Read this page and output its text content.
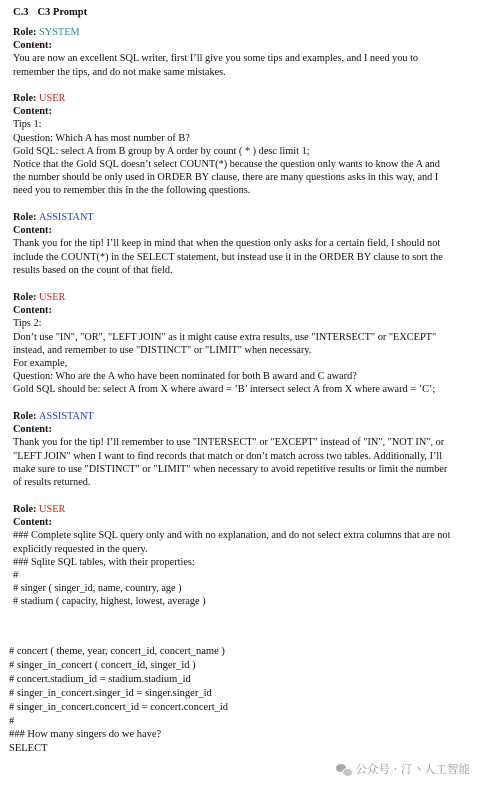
C.3 C3 Prompt
Role: SYSTEM
Content:
You are now an excellent SQL writer, first I’ll give you some tips and examples, and I need you to
remember the tips, and do not make same mistakes.
Role: USER
Content:
Tips 1:
Question: Which A has most number of B?
Gold SQL: select A from B group by A order by count ( * ) desc limit 1;
Notice that the Gold SQL doesn’t select COUNT(*) because the question only wants to know the A and
the number should be only used in ORDER BY clause, there are many questions asks in this way, and I
need you to remember this in the the following questions.
Role: ASSISTANT
Content:
Thank you for the tip! I’ll keep in mind that when the question only asks for a certain field, I should not
include the COUNT(*) in the SELECT statement, but instead use it in the ORDER BY clause to sort the
results based on the count of that field.
Role: USER
Content:
Tips 2:
Don’t use "IN", "OR", "LEFT JOIN" as it might cause extra results, use "INTERSECT" or "EXCEPT"
instead, and remember to use "DISTINCT" or "LIMIT" when necessary.
For example,
Question: Who are the A who have been nominated for both B award and C award?
Gold SQL should be: select A from X where award = ’B’ intersect select A from X where award = ’C’;
Role: ASSISTANT
Content:
Thank you for the tip! I’ll remember to use "INTERSECT" or "EXCEPT" instead of "IN", "NOT IN", or
"LEFT JOIN" when I want to find records that match or don’t match across two tables. Additionally, I’ll
make sure to use "DISTINCT" or "LIMIT" when necessary to avoid repetitive results or limit the number
of results returned.
Role: USER
Content:
### Complete sqlite SQL query only and with no explanation, and do not select extra columns that are not
explicitly requested in the query.
### Sqlite SQL tables, with their properties:
#
# singer ( singer_id, name, country, age )
# stadium ( capacity, highest, lowest, average )
# concert ( theme, year, concert_id, concert_name )
# singer_in_concert ( concert_id, singer_id )
# concert.stadium_id = stadium.stadium_id
# singer_in_concert.singer_id = singer.singer_id
# singer_in_concert.concert_id = concert.concert_id
#
### How many singers do we have?
SELECT
公众号 · 汀丶人工智能
